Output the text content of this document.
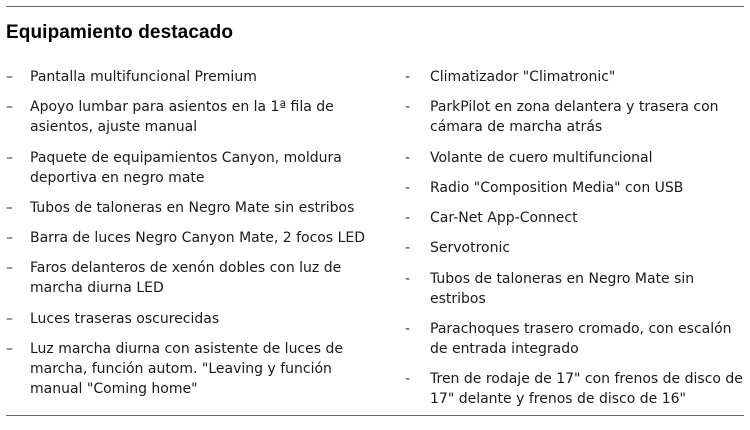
Equipamiento destacado
–	Pantalla multifuncional Premium
–	Apoyo lumbar para asientos en la 1ª fila de asientos, ajuste manual
–	Paquete de equipamientos Canyon, moldura deportiva en negro mate
–	Tubos de taloneras en Negro Mate sin estribos
–	Barra de luces Negro Canyon Mate, 2 focos LED
–	Faros delanteros de xenón dobles con luz de marcha diurna LED
–	Luces traseras oscurecidas
–	Luz marcha diurna con asistente de luces de marcha, función autom. "Leaving y función manual "Coming home"
-	Climatizador "Climatronic"
-	ParkPilot en zona delantera y trasera con cámara de marcha atrás
-	Volante de cuero multifuncional
-	Radio "Composition Media" con USB
-	Car-Net App-Connect
-	Servotronic
-	Tubos de taloneras en Negro Mate sin estribos
-	Parachoques trasero cromado, con escalón de entrada integrado
-	Tren de rodaje de 17" con frenos de disco de 17" delante y frenos de disco de 16"
